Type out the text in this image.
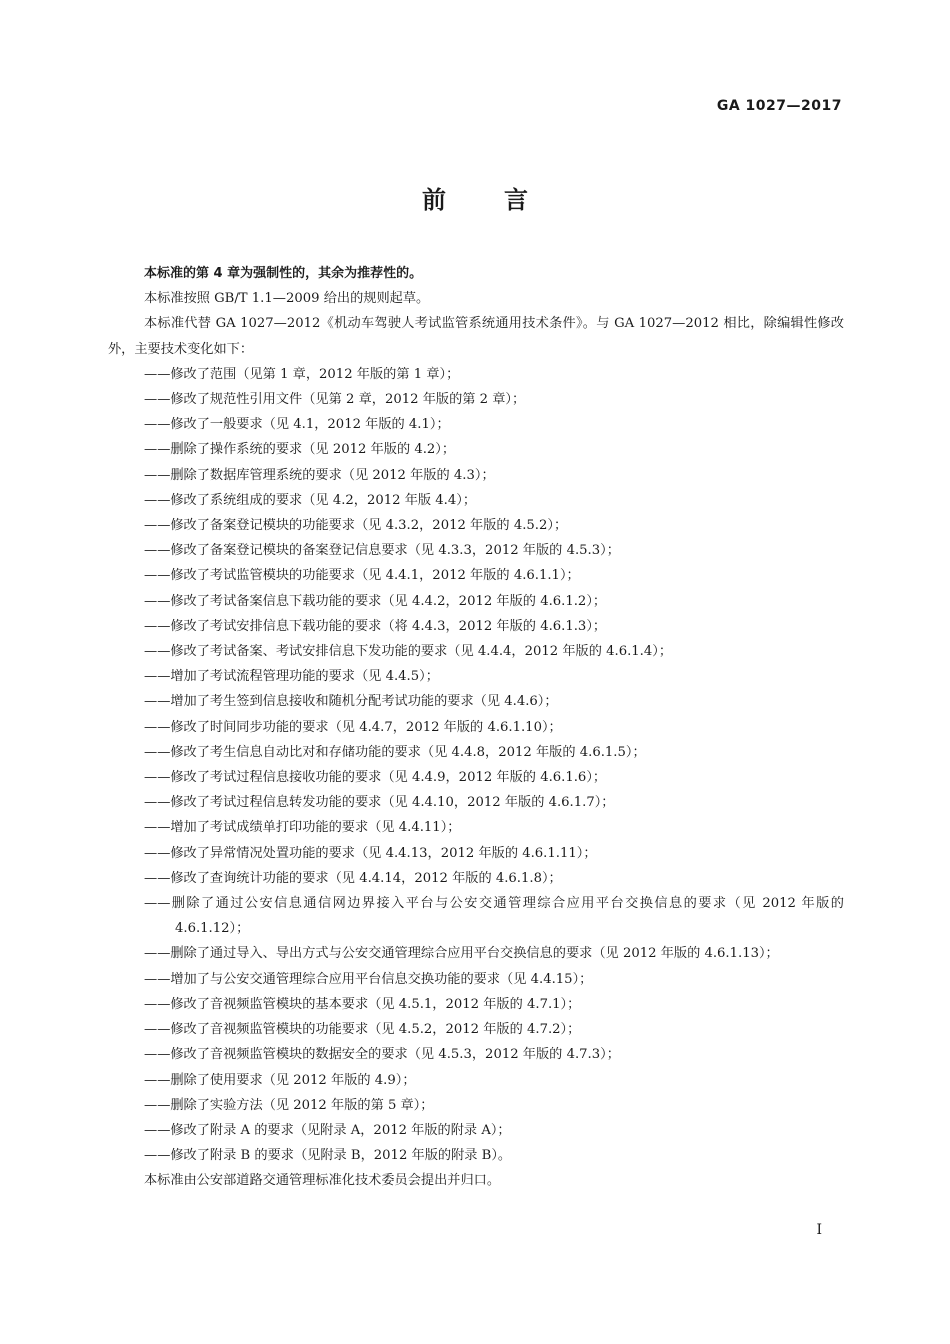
GA 1027—2017
前言

本标准的第 4 章为强制性的，其余为推荐性的。

本标准按照 GB/T 1.1—2009 给出的规则起草。

本标准代替 GA 1027—2012《机动车驾驶人考试监管系统通用技术条件》。与 GA 1027—2012 相比，除编辑性修改外，主要技术变化如下：

——修改了范围（见第 1 章，2012 年版的第 1 章）；
——修改了规范性引用文件（见第 2 章，2012 年版的第 2 章）；
——修改了一般要求（见 4.1，2012 年版的 4.1）；
——删除了操作系统的要求（见 2012 年版的 4.2）；
——删除了数据库管理系统的要求（见 2012 年版的 4.3）；
——修改了系统组成的要求（见 4.2，2012 年版 4.4）；
——修改了备案登记模块的功能要求（见 4.3.2，2012 年版的 4.5.2）；
——修改了备案登记模块的备案登记信息要求（见 4.3.3，2012 年版的 4.5.3）；
——修改了考试监管模块的功能要求（见 4.4.1，2012 年版的 4.6.1.1）；
——修改了考试备案信息下载功能的要求（见 4.4.2，2012 年版的 4.6.1.2）；
——修改了考试安排信息下载功能的要求（将 4.4.3，2012 年版的 4.6.1.3）；
——修改了考试备案、考试安排信息下发功能的要求（见 4.4.4，2012 年版的 4.6.1.4）；
——增加了考试流程管理功能的要求（见 4.4.5）；
——增加了考生签到信息接收和随机分配考试功能的要求（见 4.4.6）；
——修改了时间同步功能的要求（见 4.4.7，2012 年版的 4.6.1.10）；
——修改了考生信息自动比对和存储功能的要求（见 4.4.8，2012 年版的 4.6.1.5）；
——修改了考试过程信息接收功能的要求（见 4.4.9，2012 年版的 4.6.1.6）；
——修改了考试过程信息转发功能的要求（见 4.4.10，2012 年版的 4.6.1.7）；
——增加了考试成绩单打印功能的要求（见 4.4.11）；
——修改了异常情况处置功能的要求（见 4.4.13，2012 年版的 4.6.1.11）；
——修改了查询统计功能的要求（见 4.4.14，2012 年版的 4.6.1.8）；
——删除了通过公安信息通信网边界接入平台与公安交通管理综合应用平台交换信息的要求（见 2012 年版的 4.6.1.12）；
——删除了通过导入、导出方式与公安交通管理综合应用平台交换信息的要求（见 2012 年版的 4.6.1.13）；
——增加了与公安交通管理综合应用平台信息交换功能的要求（见 4.4.15）；
——修改了音视频监管模块的基本要求（见 4.5.1，2012 年版的 4.7.1）；
——修改了音视频监管模块的功能要求（见 4.5.2，2012 年版的 4.7.2）；
——修改了音视频监管模块的数据安全的要求（见 4.5.3，2012 年版的 4.7.3）；
——删除了使用要求（见 2012 年版的 4.9）；
——删除了实验方法（见 2012 年版的第 5 章）；
——修改了附录 A 的要求（见附录 A，2012 年版的附录 A）；
——修改了附录 B 的要求（见附录 B，2012 年版的附录 B）。

本标准由公安部道路交通管理标准化技术委员会提出并归口。

I
